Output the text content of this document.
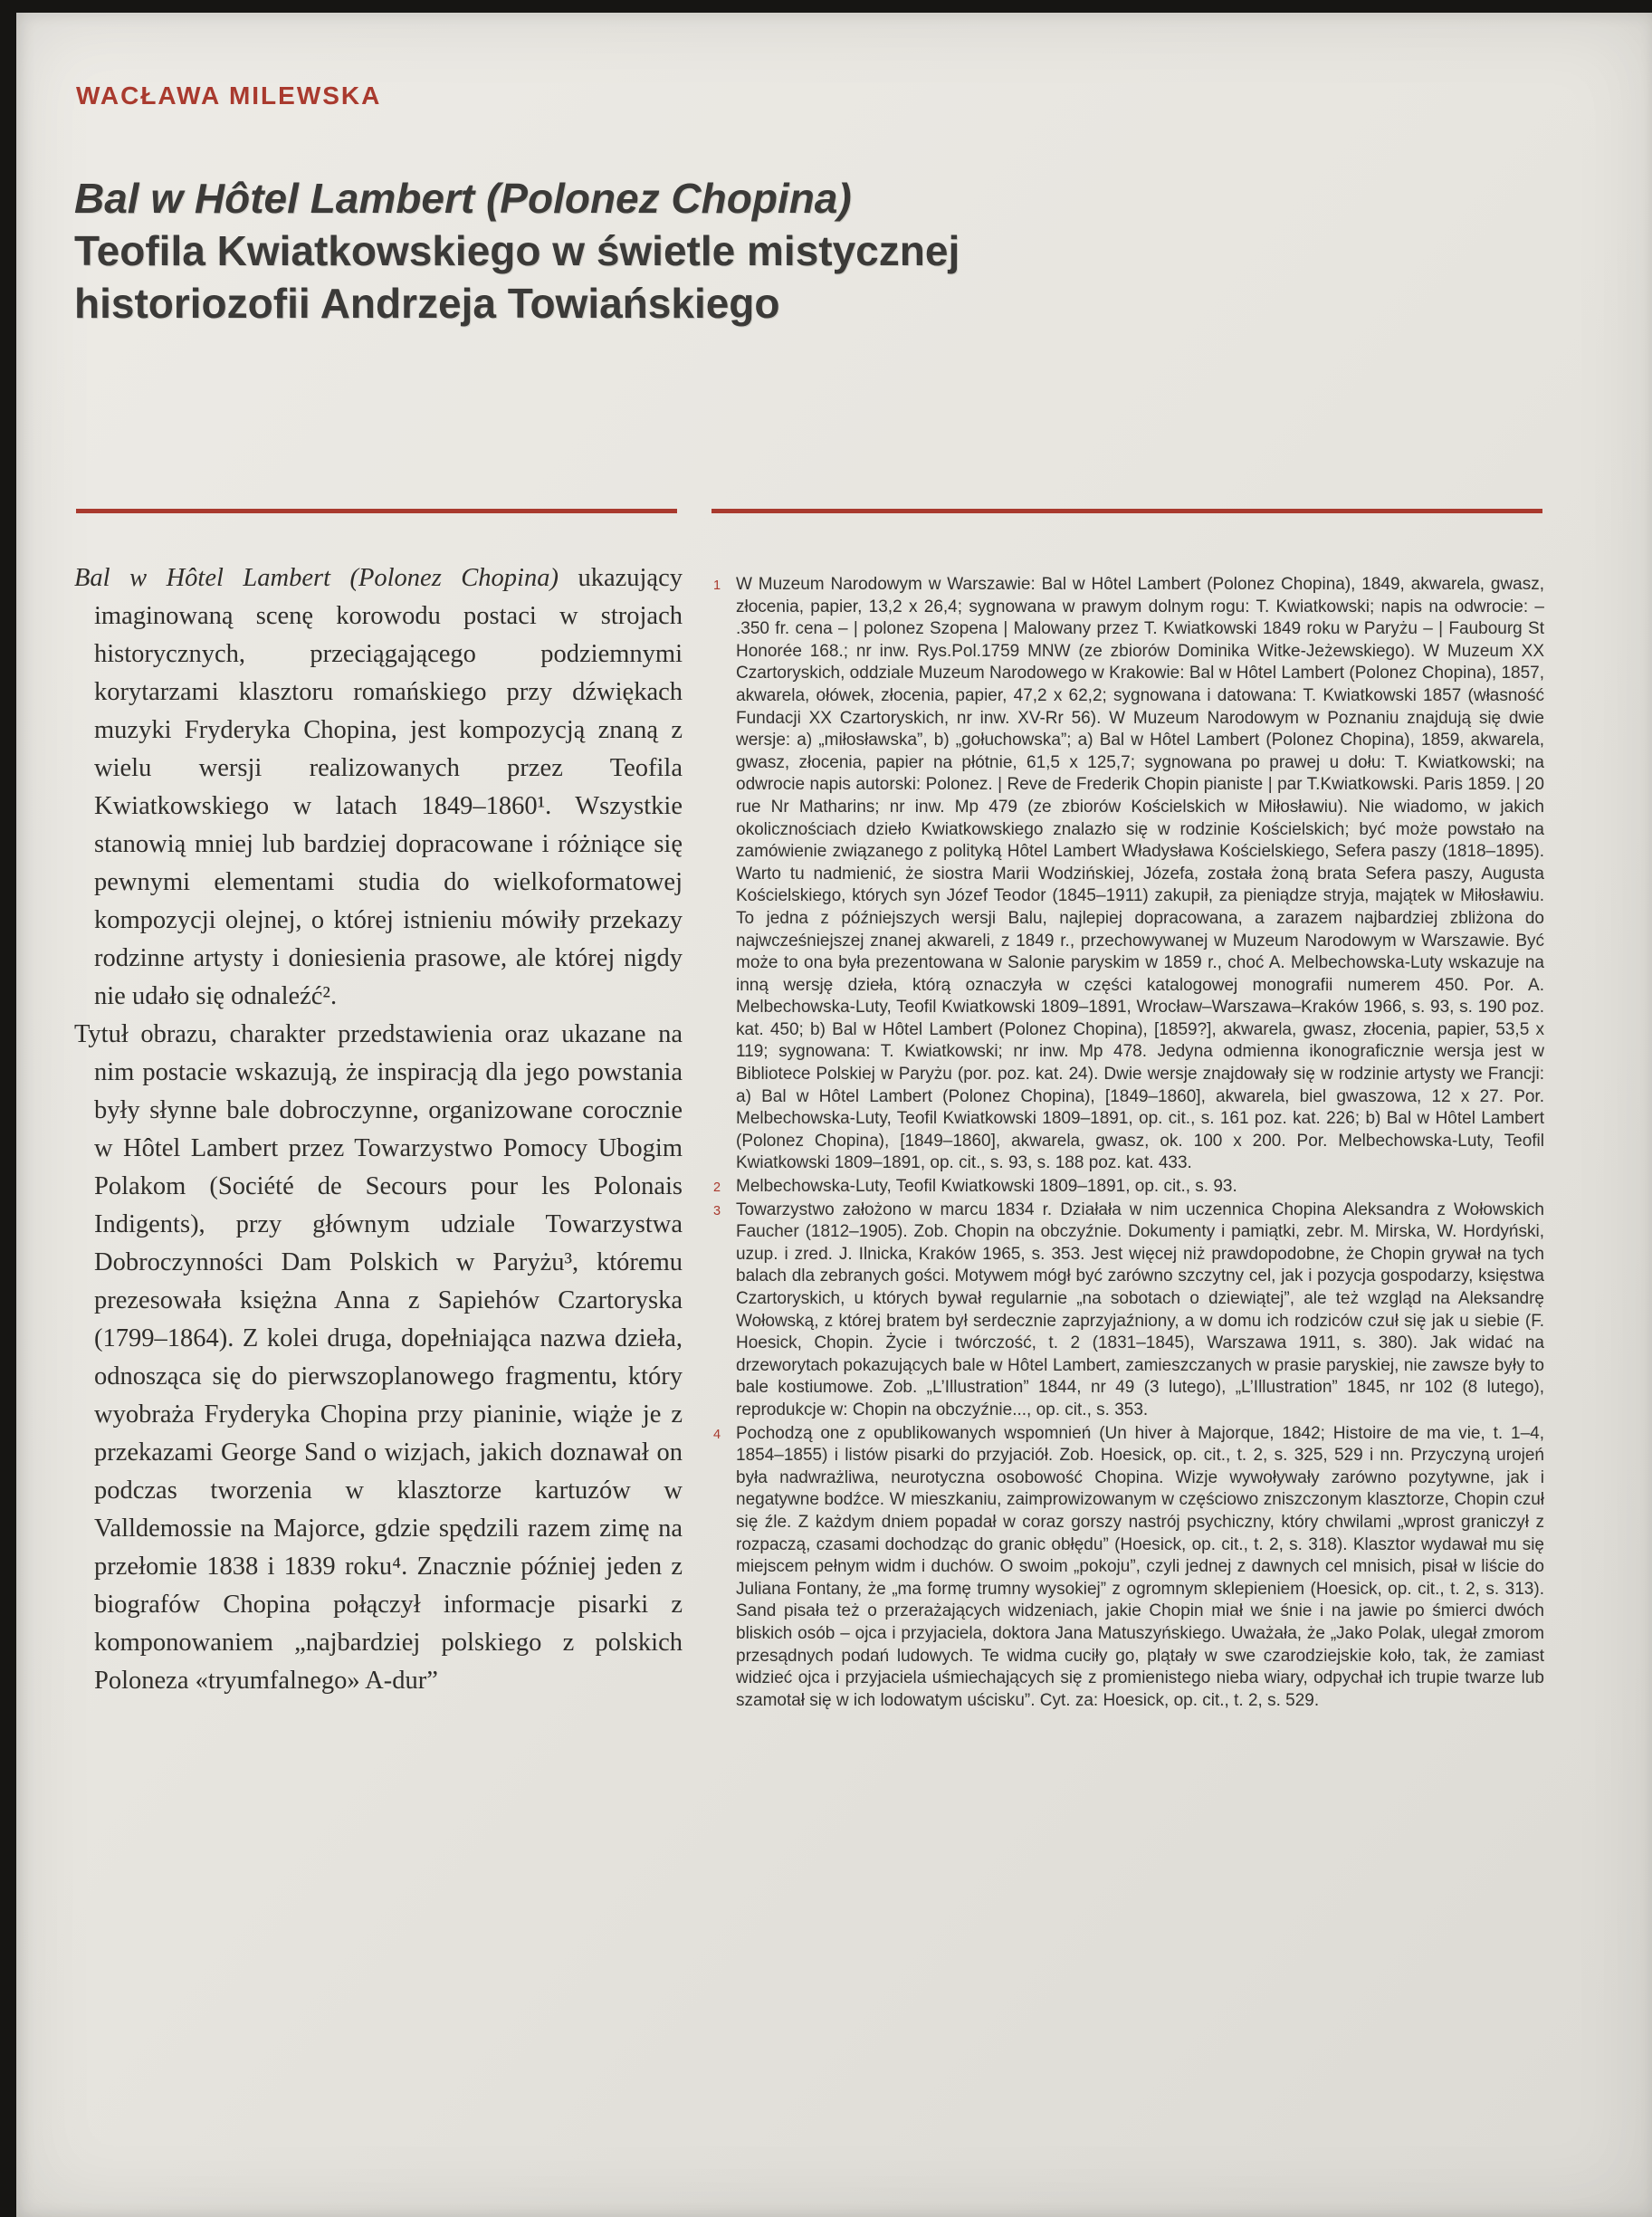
WACŁAWA MILEWSKA
Bal w Hôtel Lambert (Polonez Chopina)
Teofila Kwiatkowskiego w świetle mistycznej
historiozofii Andrzeja Towiańskiego

Bal w Hôtel Lambert (Polonez Chopina) ukazujący imaginowaną scenę korowodu postaci w strojach historycznych, przeciągającego podziemnymi korytarzami klasztoru romańskiego przy dźwiękach muzyki Fryderyka Chopina, jest kompozycją znaną z wielu wersji realizowanych przez Teofila Kwiatkowskiego w latach 1849–1860¹. Wszystkie stanowią mniej lub bardziej dopracowane i różniące się pewnymi elementami studia do wielkoformatowej kompozycji olejnej, o której istnieniu mówiły przekazy rodzinne artysty i doniesienia prasowe, ale której nigdy nie udało się odnaleźć².

Tytuł obrazu, charakter przedstawienia oraz ukazane na nim postacie wskazują, że inspiracją dla jego powstania były słynne bale dobroczynne, organizowane corocznie w Hôtel Lambert przez Towarzystwo Pomocy Ubogim Polakom (Société de Secours pour les Polonais Indigents), przy głównym udziale Towarzystwa Dobroczynności Dam Polskich w Paryżu³, któremu prezesowała księżna Anna z Sapiehów Czartoryska (1799–1864). Z kolei druga, dopełniająca nazwa dzieła, odnosząca się do pierwszoplanowego fragmentu, który wyobraża Fryderyka Chopina przy pianinie, wiąże je z przekazami George Sand o wizjach, jakich doznawał on podczas tworzenia w klasztorze kartuzów w Valldemossie na Majorce, gdzie spędzili razem zimę na przełomie 1838 i 1839 roku⁴. Znacznie później jeden z biografów Chopina połączył informacje pisarki z komponowaniem „najbardziej polskiego z polskich Poloneza «tryumfalnego» A-dur”

1 W Muzeum Narodowym w Warszawie: Bal w Hôtel Lambert (Polonez Chopina), 1849, akwarela, gwasz, złocenia, papier, 13,2 x 26,4; sygnowana w prawym dolnym rogu: T. Kwiatkowski; napis na odwrocie: – .350 fr. cena – | polonez Szopena | Malowany przez T. Kwiatkowski 1849 roku w Paryżu – | Faubourg St Honorée 168.; nr inw. Rys.Pol.1759 MNW (ze zbiorów Dominika Witke-Jeżewskiego). W Muzeum XX Czartoryskich, oddziale Muzeum Narodowego w Krakowie: Bal w Hôtel Lambert (Polonez Chopina), 1857, akwarela, ołówek, złocenia, papier, 47,2 x 62,2; sygnowana i datowana: T. Kwiatkowski 1857 (własność Fundacji XX Czartoryskich, nr inw. XV-Rr 56). W Muzeum Narodowym w Poznaniu znajdują się dwie wersje: a) „miłosławska”, b) „gołuchowska”; a) Bal w Hôtel Lambert (Polonez Chopina), 1859, akwarela, gwasz, złocenia, papier na płótnie, 61,5 x 125,7; sygnowana po prawej u dołu: T. Kwiatkowski; na odwrocie napis autorski: Polonez. | Reve de Frederik Chopin pianiste | par T.Kwiatkowski. Paris 1859. | 20 rue Nr Matharins; nr inw. Mp 479 (ze zbiorów Kościelskich w Miłosławiu). Nie wiadomo, w jakich okolicznościach dzieło Kwiatkowskiego znalazło się w rodzinie Kościelskich; być może powstało na zamówienie związanego z polityką Hôtel Lambert Władysława Kościelskiego, Sefera paszy (1818–1895). Warto tu nadmienić, że siostra Marii Wodzińskiej, Józefa, została żoną brata Sefera paszy, Augusta Kościelskiego, których syn Józef Teodor (1845–1911) zakupił, za pieniądze stryja, majątek w Miłosławiu. To jedna z późniejszych wersji Balu, najlepiej dopracowana, a zarazem najbardziej zbliżona do najwcześniejszej znanej akwareli, z 1849 r., przechowywanej w Muzeum Narodowym w Warszawie. Być może to ona była prezentowana w Salonie paryskim w 1859 r., choć A. Melbechowska-Luty wskazuje na inną wersję dzieła, którą oznaczyła w części katalogowej monografii numerem 450. Por. A. Melbechowska-Luty, Teofil Kwiatkowski 1809–1891, Wrocław–Warszawa–Kraków 1966, s. 93, s. 190 poz. kat. 450; b) Bal w Hôtel Lambert (Polonez Chopina), [1859?], akwarela, gwasz, złocenia, papier, 53,5 x 119; sygnowana: T. Kwiatkowski; nr inw. Mp 478. Jedyna odmienna ikonograficznie wersja jest w Bibliotece Polskiej w Paryżu (por. poz. kat. 24). Dwie wersje znajdowały się w rodzinie artysty we Francji: a) Bal w Hôtel Lambert (Polonez Chopina), [1849–1860], akwarela, biel gwaszowa, 12 x 27. Por. Melbechowska-Luty, Teofil Kwiatkowski 1809–1891, op. cit., s. 161 poz. kat. 226; b) Bal w Hôtel Lambert (Polonez Chopina), [1849–1860], akwarela, gwasz, ok. 100 x 200. Por. Melbechowska-Luty, Teofil Kwiatkowski 1809–1891, op. cit., s. 93, s. 188 poz. kat. 433.
2 Melbechowska-Luty, Teofil Kwiatkowski 1809–1891, op. cit., s. 93.
3 Towarzystwo założono w marcu 1834 r. Działała w nim uczennica Chopina Aleksandra z Wołowskich Faucher (1812–1905). Zob. Chopin na obczyźnie. Dokumenty i pamiątki, zebr. M. Mirska, W. Hordyński, uzup. i zred. J. Ilnicka, Kraków 1965, s. 353. Jest więcej niż prawdopodobne, że Chopin grywał na tych balach dla zebranych gości. Motywem mógł być zarówno szczytny cel, jak i pozycja gospodarzy, księstwa Czartoryskich, u których bywał regularnie „na sobotach o dziewiątej”, ale też wzgląd na Aleksandrę Wołowską, z której bratem był serdecznie zaprzyjaźniony, a w domu ich rodziców czuł się jak u siebie (F. Hoesick, Chopin. Życie i twórczość, t. 2 (1831–1845), Warszawa 1911, s. 380). Jak widać na drzeworytach pokazujących bale w Hôtel Lambert, zamieszczanych w prasie paryskiej, nie zawsze były to bale kostiumowe. Zob. „L’Illustration” 1844, nr 49 (3 lutego), „L’Illustration” 1845, nr 102 (8 lutego), reprodukcje w: Chopin na obczyźnie..., op. cit., s. 353.
4 Pochodzą one z opublikowanych wspomnień (Un hiver à Majorque, 1842; Histoire de ma vie, t. 1–4, 1854–1855) i listów pisarki do przyjaciół. Zob. Hoesick, op. cit., t. 2, s. 325, 529 i nn. Przyczyną urojeń była nadwrażliwa, neurotyczna osobowość Chopina. Wizje wywoływały zarówno pozytywne, jak i negatywne bodźce. W mieszkaniu, zaimprowizowanym w częściowo zniszczonym klasztorze, Chopin czuł się źle. Z każdym dniem popadał w coraz gorszy nastrój psychiczny, który chwilami „wprost graniczył z rozpaczą, czasami dochodząc do granic obłędu” (Hoesick, op. cit., t. 2, s. 318). Klasztor wydawał mu się miejscem pełnym widm i duchów. O swoim „pokoju”, czyli jednej z dawnych cel mnisich, pisał w liście do Juliana Fontany, że „ma formę trumny wysokiej” z ogromnym sklepieniem (Hoesick, op. cit., t. 2, s. 313). Sand pisała też o przerażających widzeniach, jakie Chopin miał we śnie i na jawie po śmierci dwóch bliskich osób – ojca i przyjaciela, doktora Jana Matuszyńskiego. Uważała, że „Jako Polak, ulegał zmorom przesądnych podań ludowych. Te widma cuciły go, plątały w swe czarodziejskie koło, tak, że zamiast widzieć ojca i przyjaciela uśmiechających się z promienistego nieba wiary, odpychał ich trupie twarze lub szamotał się w ich lodowatym uścisku”. Cyt. za: Hoesick, op. cit., t. 2, s. 529.
